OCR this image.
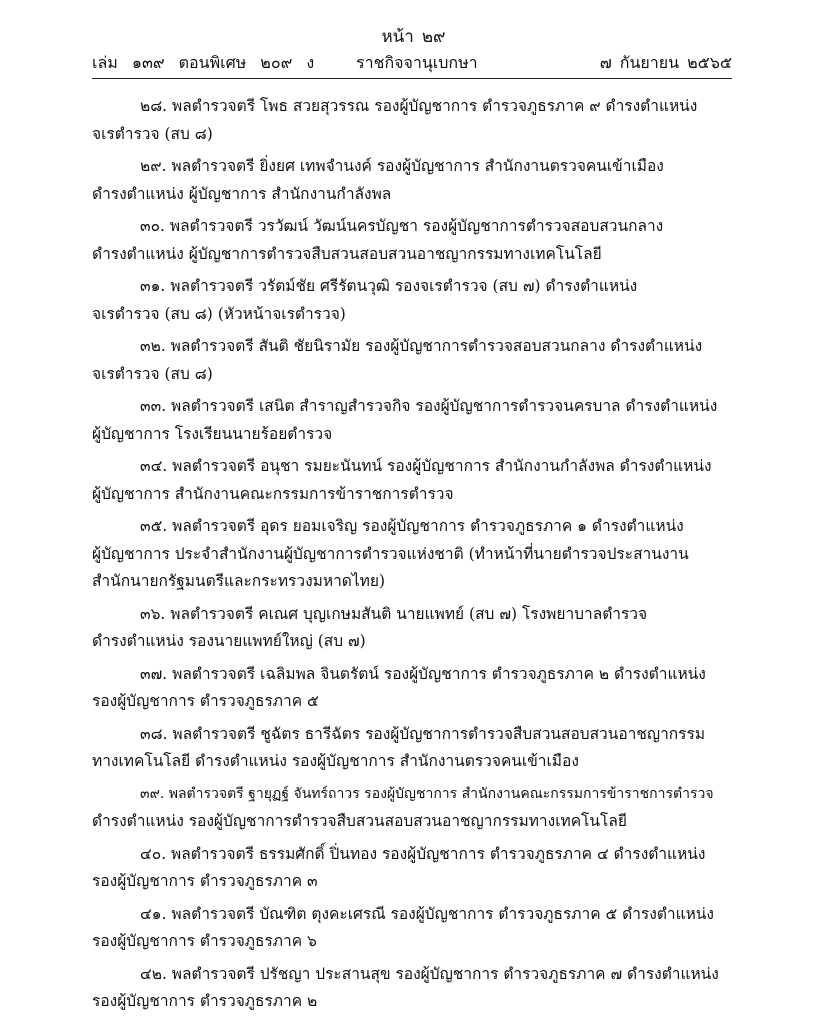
หน้า ๒๙
เล่ม ๑๓๙ ตอนพิเศษ ๒๐๙ ง	ราชกิจจานุเบกษา	๗ กันยายน ๒๕๖๕

๒๘. พลตำรวจตรี โพธ สวยสุวรรณ รองผู้บัญชาการ ตำรวจภูธรภาค ๙ ดำรงตำแหน่ง
จเรตำรวจ (สบ ๘)

๒๙. พลตำรวจตรี ยิ่งยศ เทพจำนงค์ รองผู้บัญชาการ สำนักงานตรวจคนเข้าเมือง
ดำรงตำแหน่ง ผู้บัญชาการ สำนักงานกำลังพล

๓๐. พลตำรวจตรี วรวัฒน์ วัฒน์นครบัญชา รองผู้บัญชาการตำรวจสอบสวนกลาง
ดำรงตำแหน่ง ผู้บัญชาการตำรวจสืบสวนสอบสวนอาชญากรรมทางเทคโนโลยี

๓๑. พลตำรวจตรี วรัตม์ชัย ศรีรัตนวุฒิ รองจเรตำรวจ (สบ ๗) ดำรงตำแหน่ง
จเรตำรวจ (สบ ๘) (หัวหน้าจเรตำรวจ)

๓๒. พลตำรวจตรี สันติ ชัยนิรามัย รองผู้บัญชาการตำรวจสอบสวนกลาง ดำรงตำแหน่ง
จเรตำรวจ (สบ ๘)

๓๓. พลตำรวจตรี เสนิต สำราญสำรวจกิจ รองผู้บัญชาการตำรวจนครบาล ดำรงตำแหน่ง
ผู้บัญชาการ โรงเรียนนายร้อยตำรวจ

๓๔. พลตำรวจตรี อนุชา รมยะนันทน์ รองผู้บัญชาการ สำนักงานกำลังพล ดำรงตำแหน่ง
ผู้บัญชาการ สำนักงานคณะกรรมการข้าราชการตำรวจ

๓๕. พลตำรวจตรี อุดร ยอมเจริญ รองผู้บัญชาการ ตำรวจภูธรภาค ๑ ดำรงตำแหน่ง
ผู้บัญชาการ ประจำสำนักงานผู้บัญชาการตำรวจแห่งชาติ (ทำหน้าที่นายตำรวจประสานงาน
สำนักนายกรัฐมนตรีและกระทรวงมหาดไทย)

๓๖. พลตำรวจตรี คเณศ บุญเกษมสันติ นายแพทย์ (สบ ๗) โรงพยาบาลตำรวจ
ดำรงตำแหน่ง รองนายแพทย์ใหญ่ (สบ ๗)

๓๗. พลตำรวจตรี เฉลิมพล จินตรัตน์ รองผู้บัญชาการ ตำรวจภูธรภาค ๒ ดำรงตำแหน่ง
รองผู้บัญชาการ ตำรวจภูธรภาค ๕

๓๘. พลตำรวจตรี ชูฉัตร ธารีฉัตร รองผู้บัญชาการตำรวจสืบสวนสอบสวนอาชญากรรม
ทางเทคโนโลยี ดำรงตำแหน่ง รองผู้บัญชาการ สำนักงานตรวจคนเข้าเมือง

๓๙. พลตำรวจตรี ฐายุฏฐ์ จันทร์ถาวร รองผู้บัญชาการ สำนักงานคณะกรรมการข้าราชการตำรวจ
ดำรงตำแหน่ง รองผู้บัญชาการตำรวจสืบสวนสอบสวนอาชญากรรมทางเทคโนโลยี

๔๐. พลตำรวจตรี ธรรมศักดิ์ ปิ่นทอง รองผู้บัญชาการ ตำรวจภูธรภาค ๔ ดำรงตำแหน่ง
รองผู้บัญชาการ ตำรวจภูธรภาค ๓

๔๑. พลตำรวจตรี บัณฑิต ตุงคะเศรณี รองผู้บัญชาการ ตำรวจภูธรภาค ๕ ดำรงตำแหน่ง
รองผู้บัญชาการ ตำรวจภูธรภาค ๖

๔๒. พลตำรวจตรี ปรัชญา ประสานสุข รองผู้บัญชาการ ตำรวจภูธรภาค ๗ ดำรงตำแหน่ง
รองผู้บัญชาการ ตำรวจภูธรภาค ๒
